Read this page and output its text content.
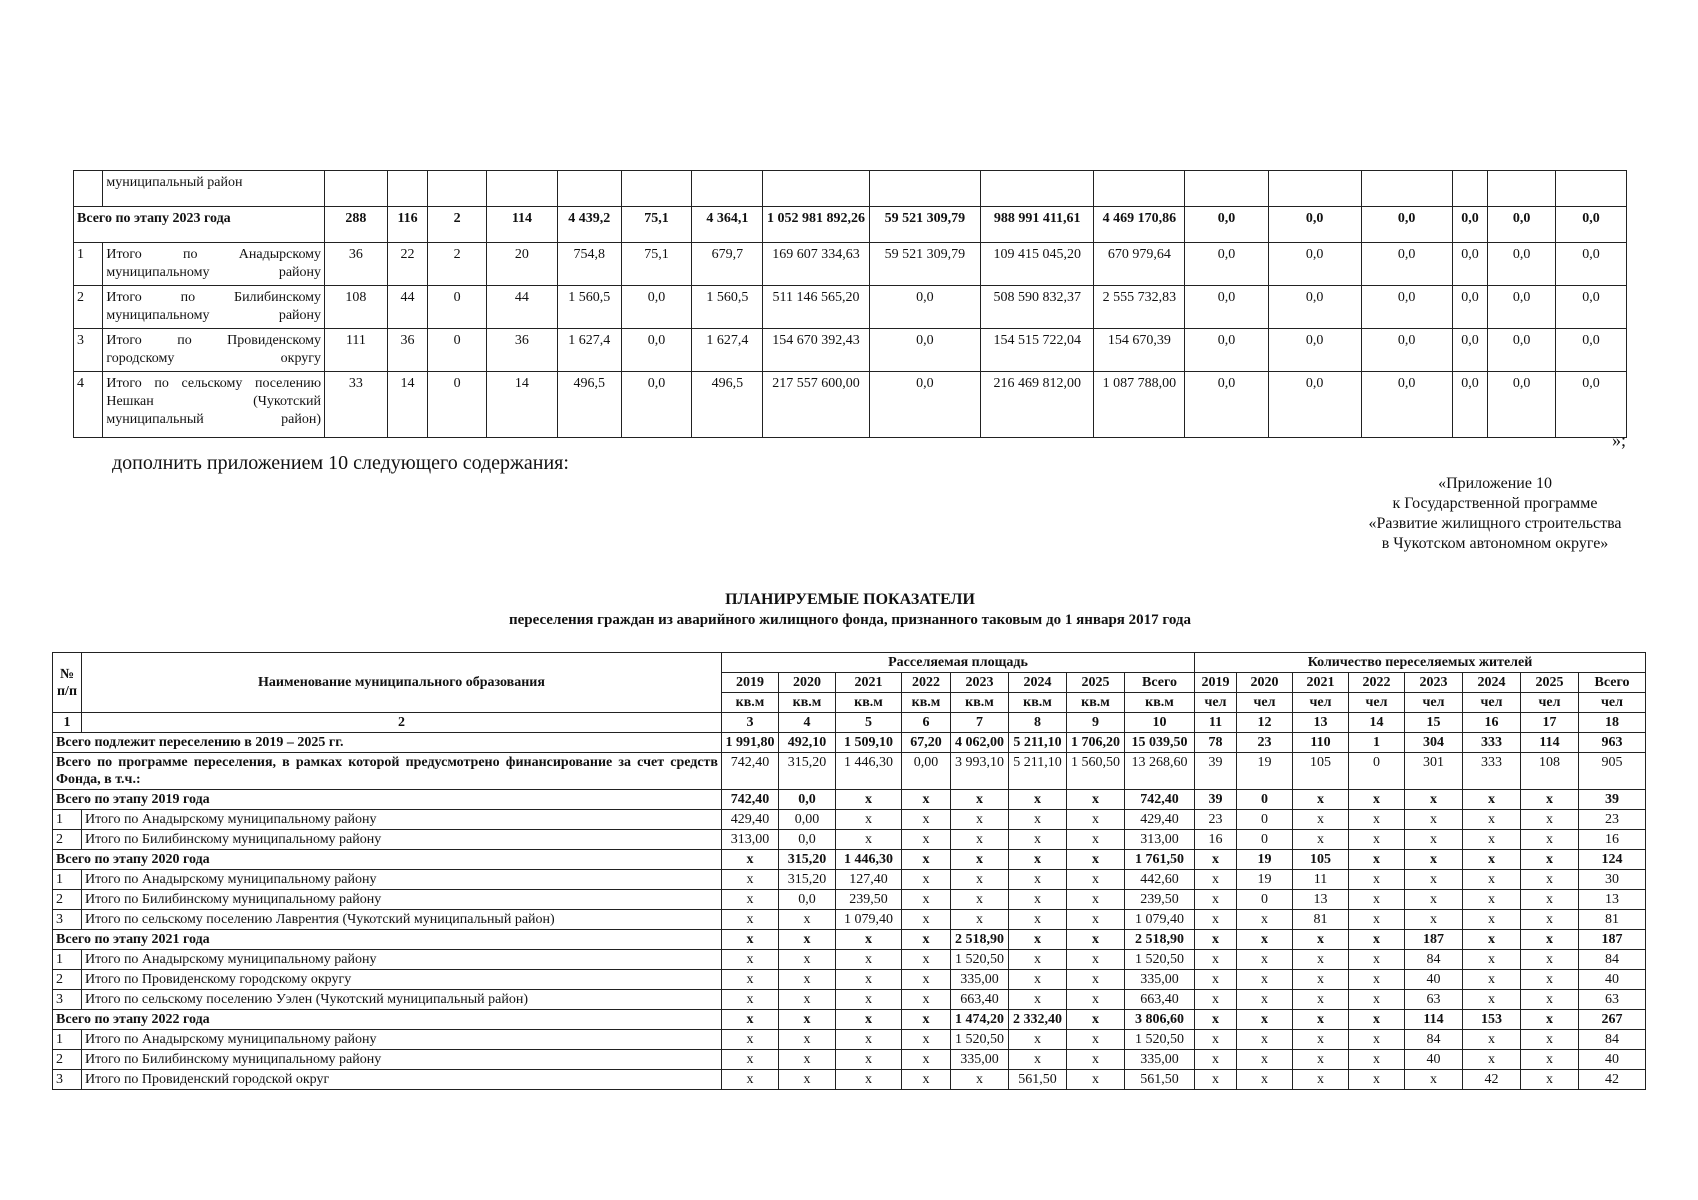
	муниципальный район																	
Всего по этапу 2023 года		288	116	2	114	4 439,2	75,1	4 364,1	1 052 981 892,26	59 521 309,79	988 991 411,61	4 469 170,86	0,0	0,0	0,0	0,0	0,0	0,0
1	Итого по Анадырскому муниципальному району	36	22	2	20	754,8	75,1	679,7	169 607 334,63	59 521 309,79	109 415 045,20	670 979,64	0,0	0,0	0,0	0,0	0,0	0,0
2	Итого по Билибинскому муниципальному району	108	44	0	44	1 560,5	0,0	1 560,5	511 146 565,20	0,0	508 590 832,37	2 555 732,83	0,0	0,0	0,0	0,0	0,0	0,0
3	Итого по Провиденскому городскому округу	111	36	0	36	1 627,4	0,0	1 627,4	154 670 392,43	0,0	154 515 722,04	154 670,39	0,0	0,0	0,0	0,0	0,0	0,0
4	Итого по сельскому поселению Нешкан (Чукотский муниципальный район)	33	14	0	14	496,5	0,0	496,5	217 557 600,00	0,0	216 469 812,00	1 087 788,00	0,0	0,0	0,0	0,0	0,0	0,0
»;
дополнить приложением 10 следующего содержания:
«Приложение 10
к Государственной программе
«Развитие жилищного строительства
в Чукотском автономном округе»
ПЛАНИРУЕМЫЕ ПОКАЗАТЕЛИ
переселения граждан из аварийного жилищного фонда, признанного таковым до 1 января 2017 года
№ п/п	Наименование муниципального образования	Расселяемая площадь								Количество переселяемых жителей							
		2019	2020	2021	2022	2023	2024	2025	Всего	2019	2020	2021	2022	2023	2024	2025	Всего
		кв.м	кв.м	кв.м	кв.м	кв.м	кв.м	кв.м	кв.м	чел	чел	чел	чел	чел	чел	чел	чел
1	2	3	4	5	6	7	8	9	10	11	12	13	14	15	16	17	18
Всего подлежит переселению в 2019 – 2025 гг.		1 991,80	492,10	1 509,10	67,20	4 062,00	5 211,10	1 706,20	15 039,50	78	23	110	1	304	333	114	963
Всего по программе переселения, в рамках которой предусмотрено финансирование за счет средств Фонда, в т.ч.:		742,40	315,20	1 446,30	0,00	3 993,10	5 211,10	1 560,50	13 268,60	39	19	105	0	301	333	108	905
Всего по этапу 2019 года		742,40	0,0	х	х	х	х	х	742,40	39	0	х	х	х	х	х	39
1	Итого по Анадырскому муниципальному району	429,40	0,00	х	х	х	х	х	429,40	23	0	х	х	х	х	х	23
2	Итого по Билибинскому муниципальному району	313,00	0,0	х	х	х	х	х	313,00	16	0	х	х	х	х	х	16
Всего по этапу 2020 года		х	315,20	1 446,30	х	х	х	х	1 761,50	х	19	105	х	х	х	х	124
1	Итого по Анадырскому муниципальному району	х	315,20	127,40	х	х	х	х	442,60	х	19	11	х	х	х	х	30
2	Итого по Билибинскому муниципальному району	х	0,0	239,50	х	х	х	х	239,50	х	0	13	х	х	х	х	13
3	Итого по сельскому поселению Лаврентия (Чукотский муниципальный район)	х	х	1 079,40	х	х	х	х	1 079,40	х	х	81	х	х	х	х	81
Всего по этапу 2021 года		х	х	х	х	2 518,90	х	х	2 518,90	х	х	х	х	187	х	х	187
1	Итого по Анадырскому муниципальному району	х	х	х	х	1 520,50	х	х	1 520,50	х	х	х	х	84	х	х	84
2	Итого по Провиденскому городскому округу	х	х	х	х	335,00	х	х	335,00	х	х	х	х	40	х	х	40
3	Итого по сельскому поселению Уэлен (Чукотский муниципальный район)	х	х	х	х	663,40	х	х	663,40	х	х	х	х	63	х	х	63
Всего по этапу 2022 года		х	х	х	х	1 474,20	2 332,40	х	3 806,60	х	х	х	х	114	153	х	267
1	Итого по Анадырскому муниципальному району	х	х	х	х	1 520,50	х	х	1 520,50	х	х	х	х	84	х	х	84
2	Итого по Билибинскому муниципальному району	х	х	х	х	335,00	х	х	335,00	х	х	х	х	40	х	х	40
3	Итого по Провиденский городской округ	х	х	х	х	х	561,50	х	561,50	х	х	х	х	х	42	х	42
